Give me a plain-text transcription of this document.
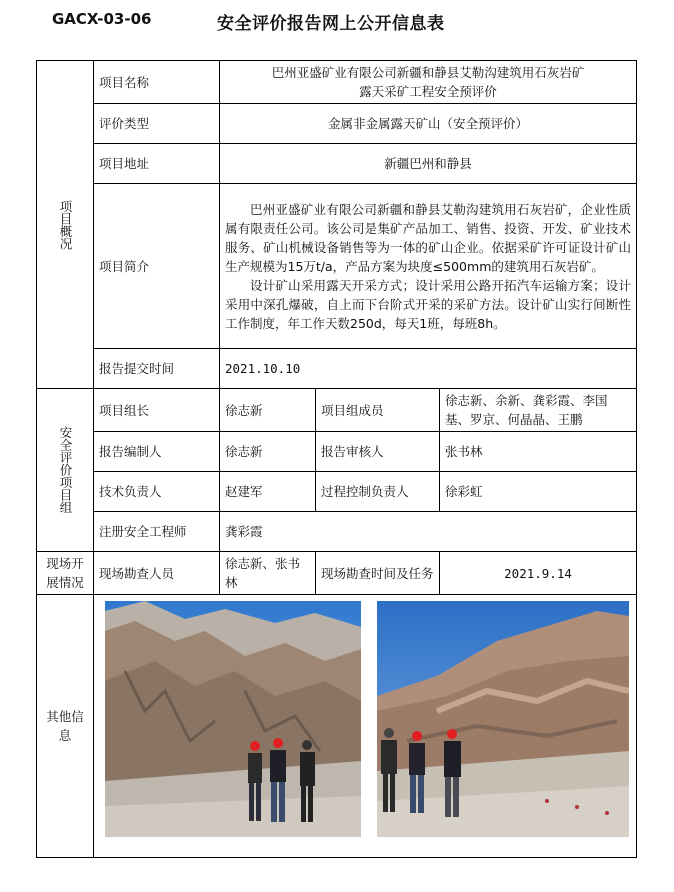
GACX-03-06	安全评价报告网上公开信息表
项目概况	项目名称	巴州亚盛矿业有限公司新疆和静县艾勒沟建筑用石灰岩矿
露天采矿工程安全预评价		

	评价类型	金属非金属露天矿山（安全预评价）		
	项目地址	新疆巴州和静县		
	项目简介	巴州亚盛矿业有限公司新疆和静县艾勒沟建筑用石灰岩矿，企业性质属有限责任公司。该公司是集矿产品加工、销售、投资、开发、矿业技术服务、矿山机械设备销售等为一体的矿山企业。依据采矿许可证设计矿山生产规模为15万t/a，产品方案为块度≤500mm的建筑用石灰岩矿。

设计矿山采用露天开采方式；设计采用公路开拓汽车运输方案；设计采用中深孔爆破，自上而下台阶式开采的采矿方法。设计矿山实行间断性工作制度，年工作天数250d，每天1班，每班8h。		

	报告提交时间	2021.10.10		

安全评价项目组	项目组长	徐志新	项目组成员	徐志新、余新、龚彩霞、李国基、罗京、何晶晶、王鹏
	报告编制人	徐志新	报告审核人	张书林
	技术负责人	赵建军	过程控制负责人	徐彩虹
	注册安全工程师	龚彩霞		
现场开展情况	现场勘查人员	徐志新、张书林	现场勘查时间及任务	2021.9.14
其他信息	
